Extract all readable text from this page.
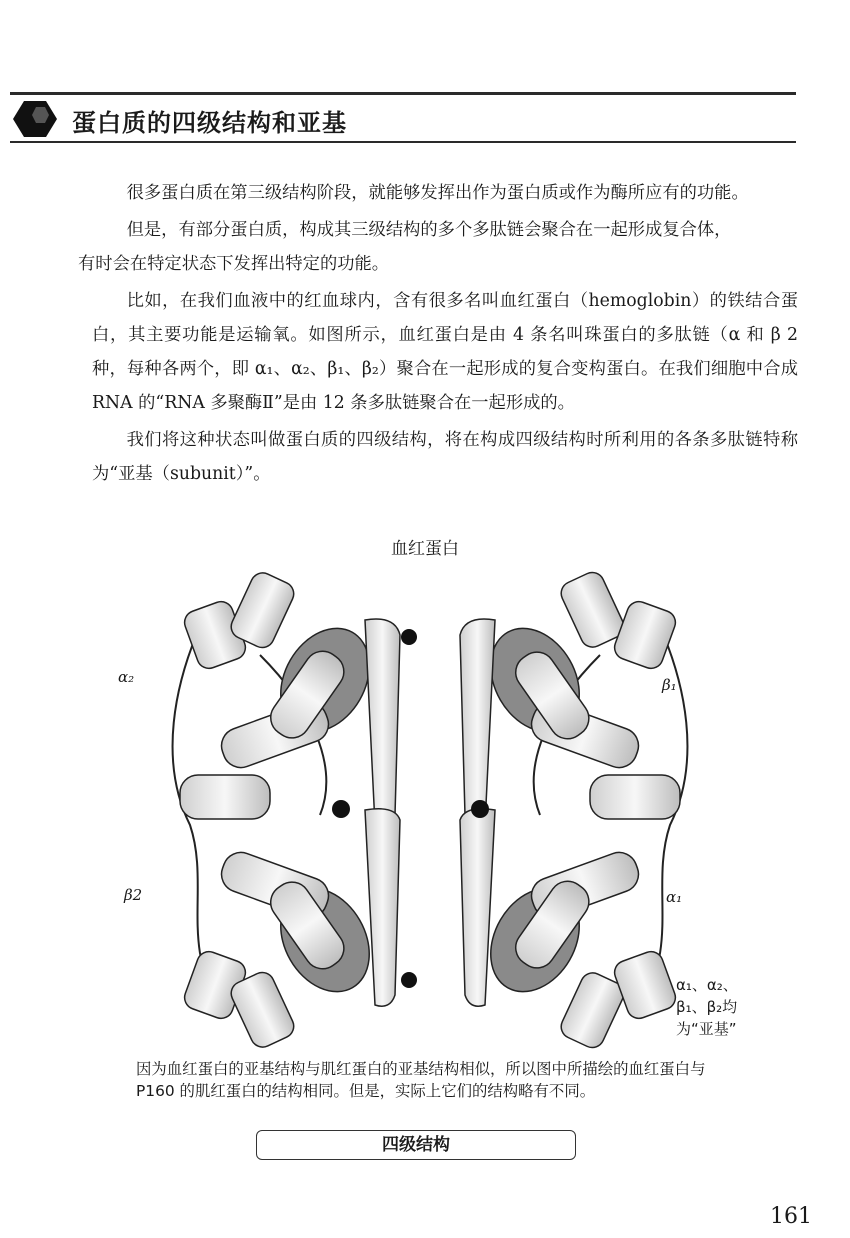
蛋白质的四级结构和亚基

很多蛋白质在第三级结构阶段，就能够发挥出作为蛋白质或作为酶所应有的功能。

但是，有部分蛋白质，构成其三级结构的多个多肽链会聚合在一起形成复合体，

有时会在特定状态下发挥出特定的功能。

比如，在我们血液中的红血球内，含有很多名叫血红蛋白（hemoglobin）的铁结合蛋白，其主要功能是运输氧。如图所示，血红蛋白是由 4 条名叫珠蛋白的多肽链（α 和 β 2 种，每种各两个，即 α₁、α₂、β₁、β₂）聚合在一起形成的复合变构蛋白。在我们细胞中合成 RNA 的“RNA 多聚酶Ⅱ”是由 12 条多肽链聚合在一起形成的。

我们将这种状态叫做蛋白质的四级结构，将在构成四级结构时所利用的各条多肽链特称为“亚基（subunit）”。

血红蛋白
α₂	β₁
β2	α₁
α₁、α₂、
β₁、β₂均
为“亚基”
因为血红蛋白的亚基结构与肌红蛋白的亚基结构相似，所以图中所描绘的血红蛋白与 P160 的肌红蛋白的结构相同。但是，实际上它们的结构略有不同。
四级结构
161
